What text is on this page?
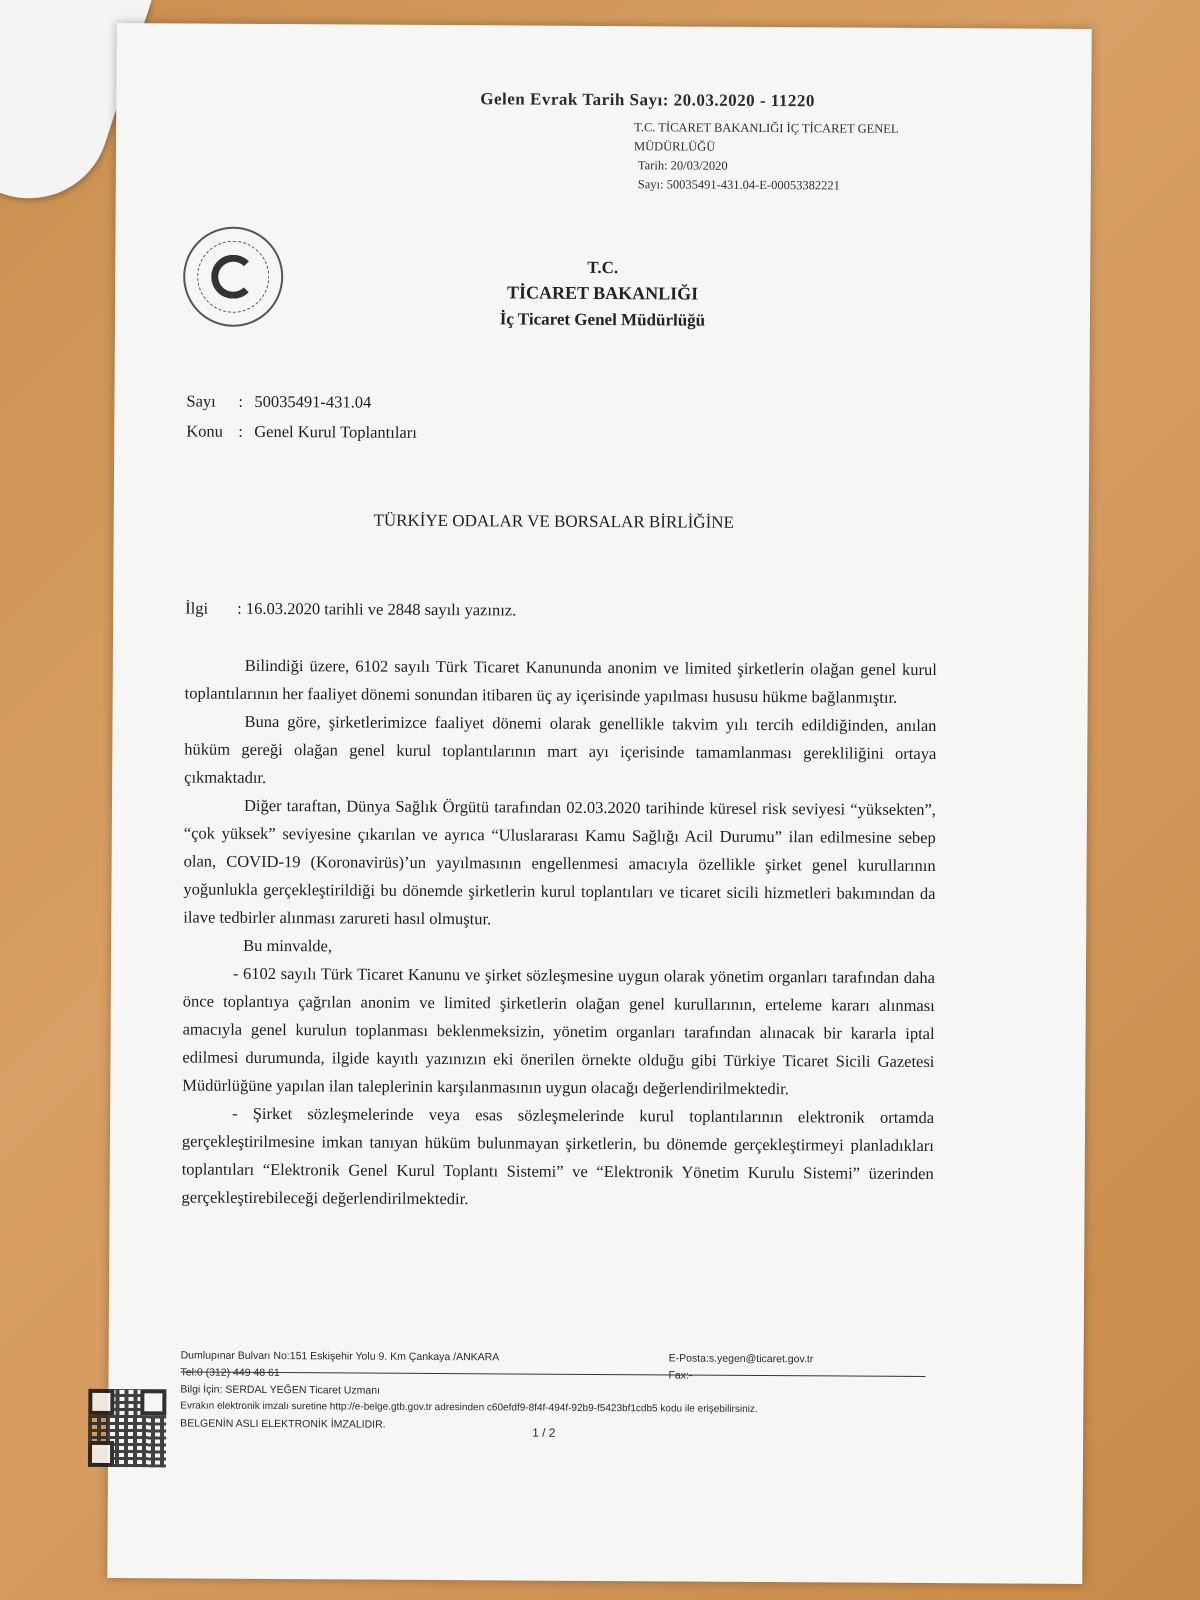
Gelen Evrak Tarih Sayı: 20.03.2020 - 11220

T.C. TİCARET BAKANLIĞI İÇ TİCARET GENEL
MÜDÜRLÜĞÜ
Tarih: 20/03/2020
Sayı: 50035491-431.04-E-00053382221

T.C.

TİCARET BAKANLIĞI

İç Ticaret Genel Müdürlüğü

Sayı : 50035491-431.04
Konu : Genel Kurul Toplantıları

TÜRKİYE ODALAR VE BORSALAR BİRLİĞİNE

İlgi : 16.03.2020 tarihli ve 2848 sayılı yazınız.

Bilindiği üzere, 6102 sayılı Türk Ticaret Kanununda anonim ve limited şirketlerin olağan genel kurul toplantılarının her faaliyet dönemi sonundan itibaren üç ay içerisinde yapılması hususu hükme bağlanmıştır.

Buna göre, şirketlerimizce faaliyet dönemi olarak genellikle takvim yılı tercih edildiğinden, anılan hüküm gereği olağan genel kurul toplantılarının mart ayı içerisinde tamamlanması gerekliliğini ortaya çıkmaktadır.

Diğer taraftan, Dünya Sağlık Örgütü tarafından 02.03.2020 tarihinde küresel risk seviyesi “yüksekten”, “çok yüksek” seviyesine çıkarılan ve ayrıca “Uluslararası Kamu Sağlığı Acil Durumu” ilan edilmesine sebep olan, COVID-19 (Koronavirüs)’un yayılmasının engellenmesi amacıyla özellikle şirket genel kurullarının yoğunlukla gerçekleştirildiği bu dönemde şirketlerin kurul toplantıları ve ticaret sicili hizmetleri bakımından da ilave tedbirler alınması zarureti hasıl olmuştur.

Bu minvalde,

- 6102 sayılı Türk Ticaret Kanunu ve şirket sözleşmesine uygun olarak yönetim organları tarafından daha önce toplantıya çağrılan anonim ve limited şirketlerin olağan genel kurullarının, erteleme kararı alınması amacıyla genel kurulun toplanması beklenmeksizin, yönetim organları tarafından alınacak bir kararla iptal edilmesi durumunda, ilgide kayıtlı yazınızın eki önerilen örnekte olduğu gibi Türkiye Ticaret Sicili Gazetesi Müdürlüğüne yapılan ilan taleplerinin karşılanmasının uygun olacağı değerlendirilmektedir.

- Şirket sözleşmelerinde veya esas sözleşmelerinde kurul toplantılarının elektronik ortamda gerçekleştirilmesine imkan tanıyan hüküm bulunmayan şirketlerin, bu dönemde gerçekleştirmeyi planladıkları toplantıları “Elektronik Genel Kurul Toplantı Sistemi” ve “Elektronik Yönetim Kurulu Sistemi” üzerinden gerçekleştirebileceği değerlendirilmektedir.

Dumlupınar Bulvarı No:151 Eskişehir Yolu 9. Km Çankaya /ANKARA	E-Posta:s.yegen@ticaret.gov.tr
Tel:0 (312) 449 48 61	Fax:-
Bilgi İçin: SERDAL YEĞEN Ticaret Uzmanı
Evrakın elektronik imzalı suretine http://e-belge.gtb.gov.tr adresinden c60efdf9-8f4f-494f-92b9-f5423bf1cdb5 kodu ile erişebilirsiniz.
BELGENİN ASLI ELEKTRONİK İMZALIDIR.
1 / 2
